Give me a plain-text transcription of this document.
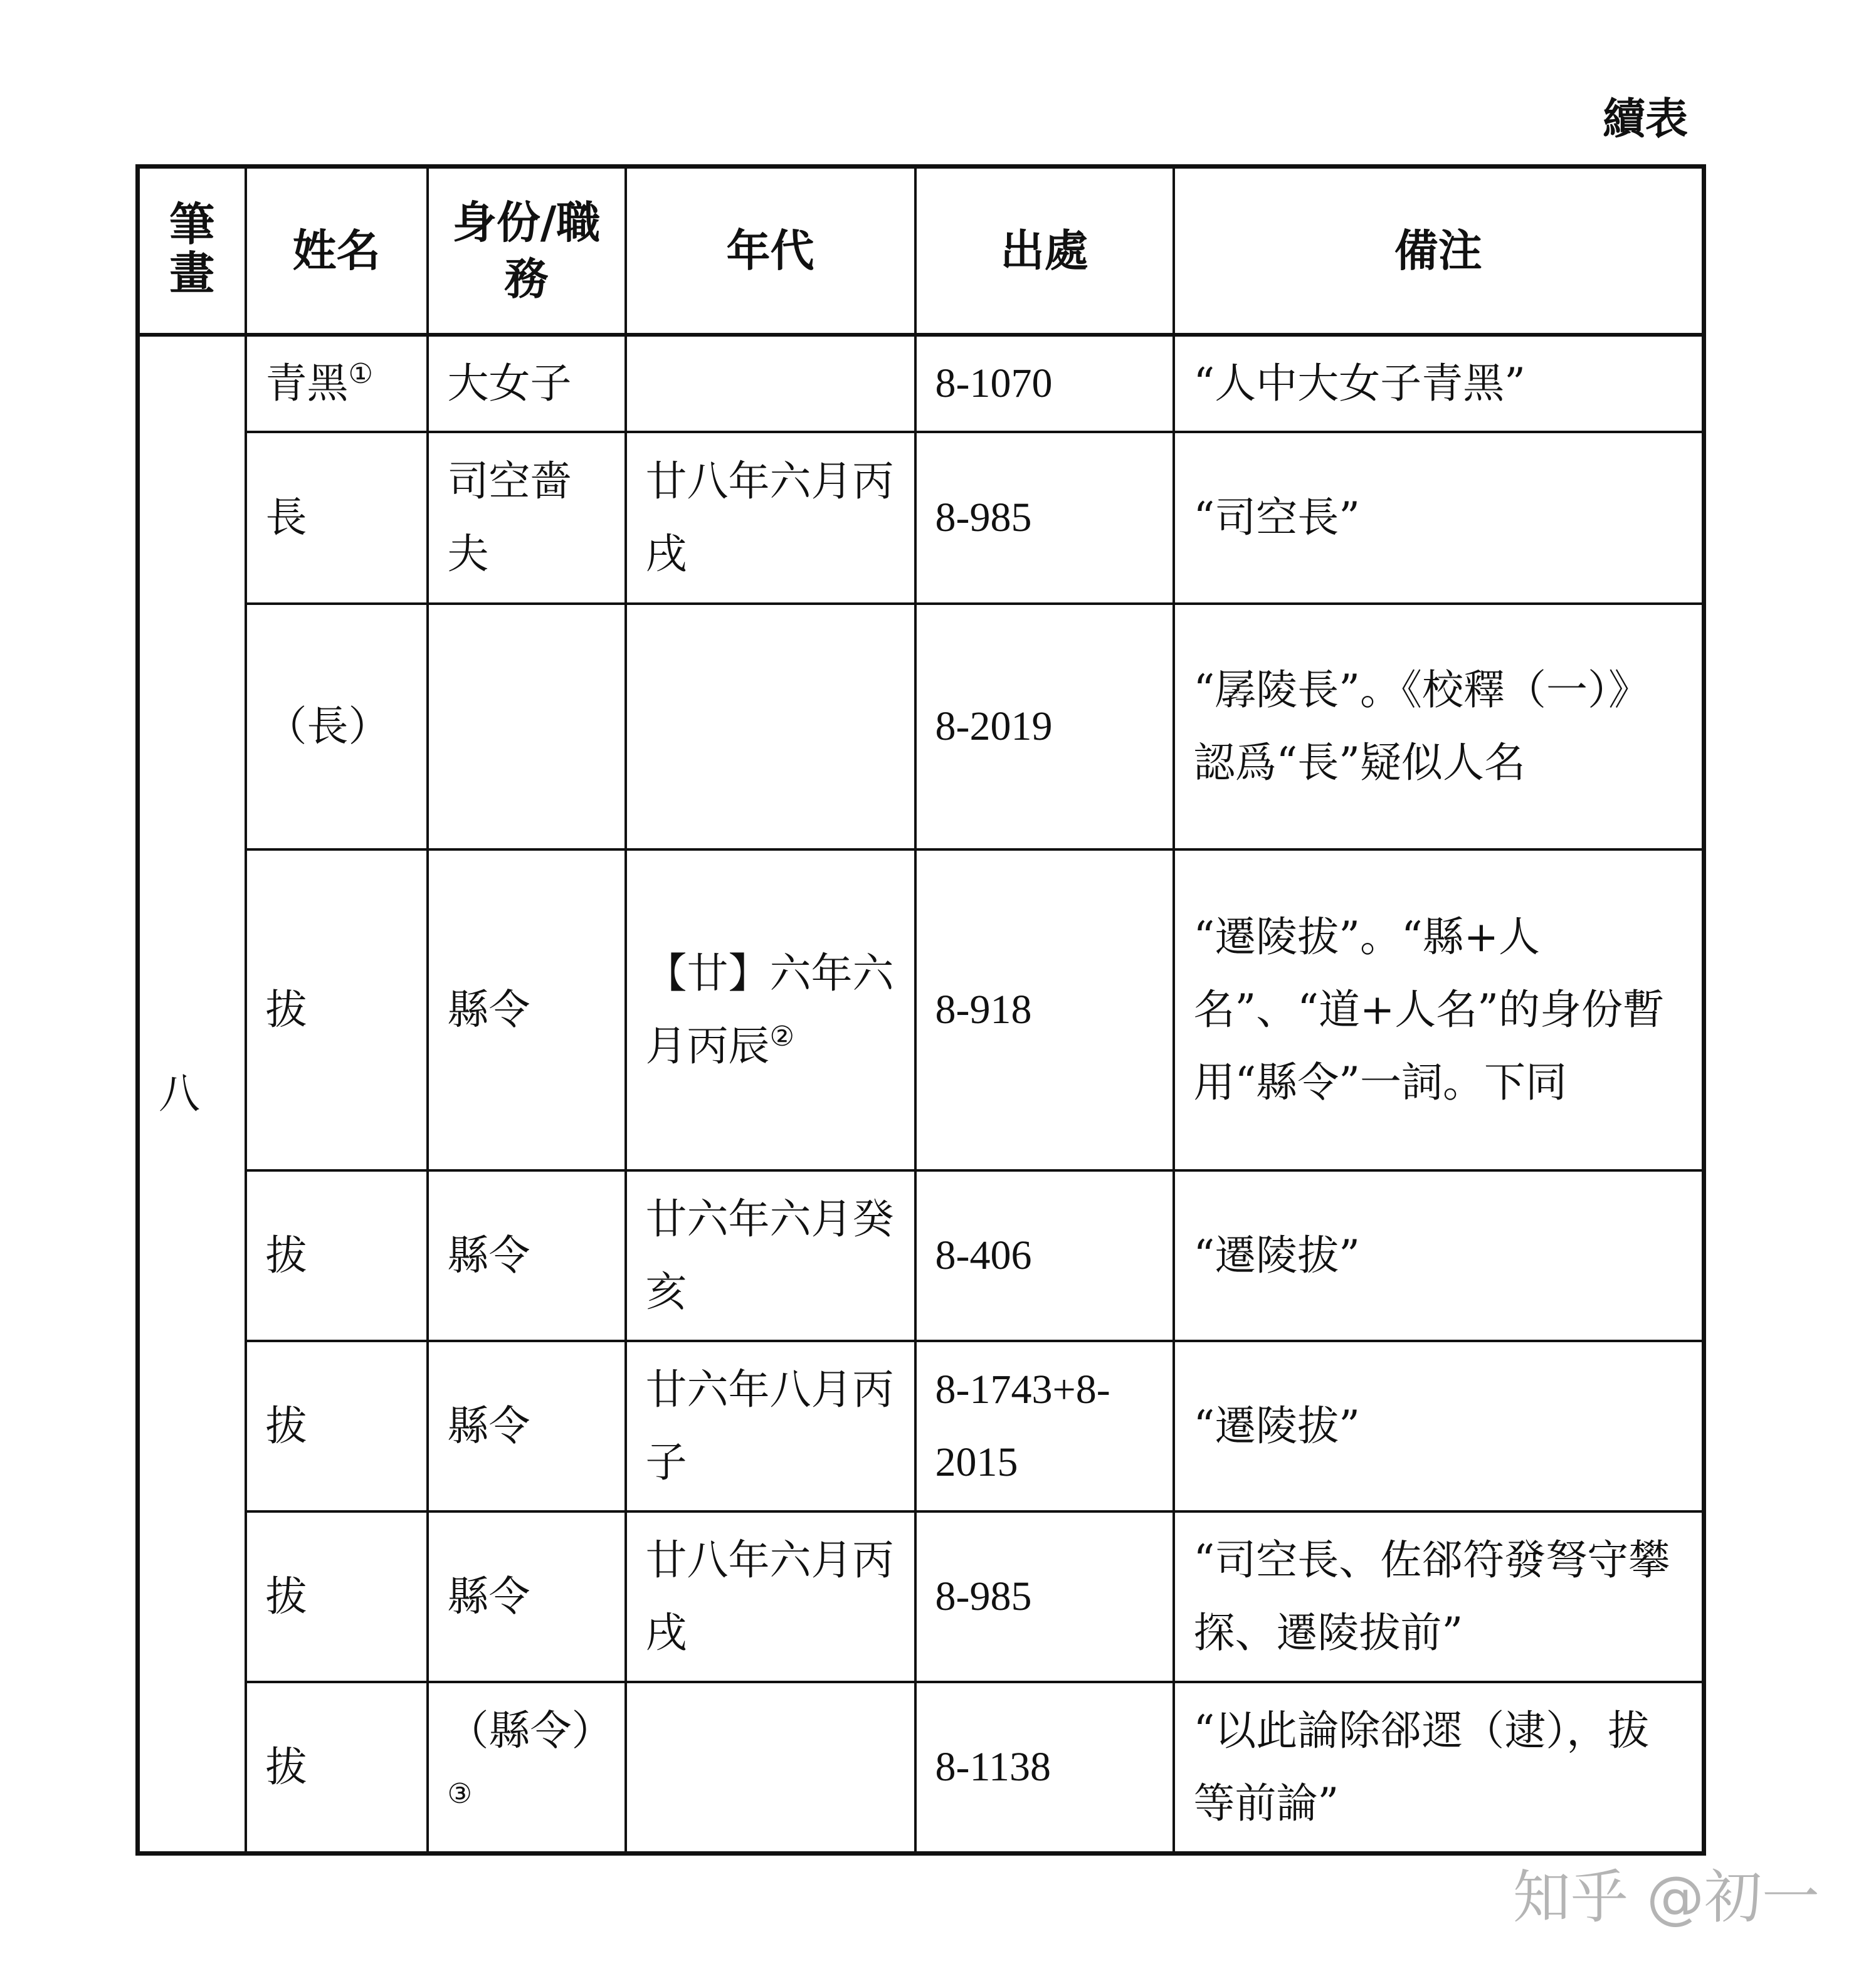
續表
筆畫	姓名	身份/職務	年代	出處	備注
八	青黑①	大女子		8-1070	“人中大女子青黑”
	長	司空嗇夫	廿八年六月丙戌	8-985	“司空長”
	（長）			8-2019	“孱陵長”。《校釋（一）》認爲“長”疑似人名
	拔	縣令	【廿】六年六月丙辰②	8-918	“遷陵拔”。“縣+人名”、“道+人名”的身份暫用“縣令”一詞。下同
	拔	縣令	廿六年六月癸亥	8-406	“遷陵拔”
	拔	縣令	廿六年八月丙子	8-1743+8-2015	“遷陵拔”
	拔	縣令	廿八年六月丙戌	8-985	“司空長、佐郤符發弩守攀探、遷陵拔前”
	拔	（縣令）③		8-1138	“以此論除郤遝（逮），拔等前論”
知乎 @初一
